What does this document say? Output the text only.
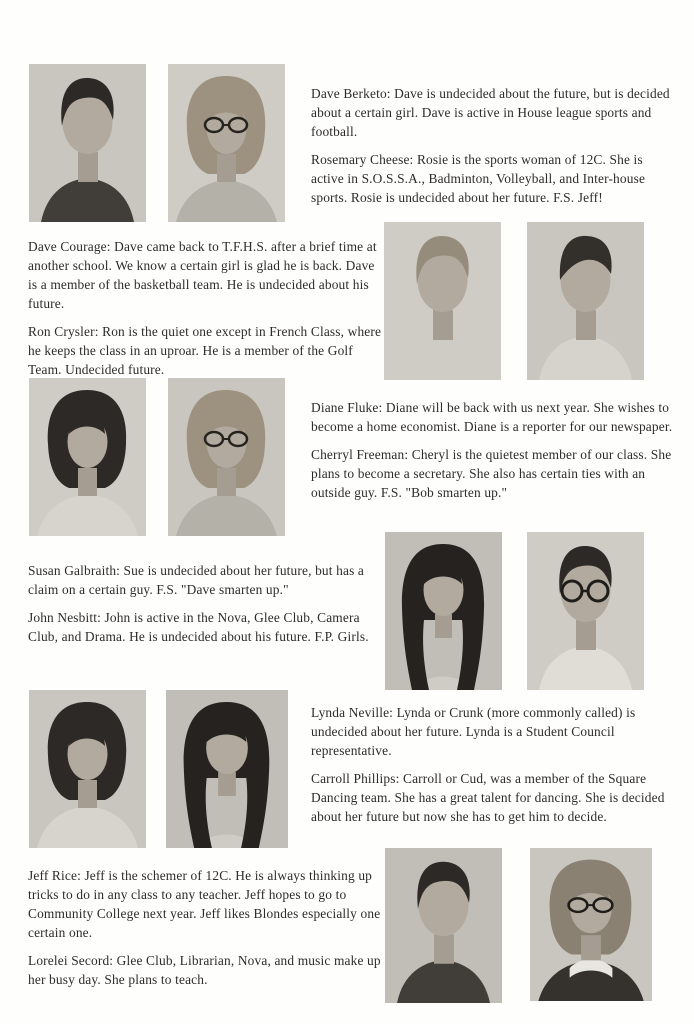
Dave Berketo: Dave is undecided about the future, but is decided about a certain girl. Dave is active in House league sports and football.

Rosemary Cheese: Rosie is the sports woman of 12C. She is active in S.O.S.S.A., Badminton, Volleyball, and Inter-house sports. Rosie is undecided about her future. F.S. Jeff!

Dave Courage: Dave came back to T.F.H.S. after a brief time at another school. We know a certain girl is glad he is back. Dave is a member of the basketball team. He is undecided about his future.

Ron Crysler: Ron is the quiet one except in French Class, where he keeps the class in an uproar. He is a member of the Golf Team. Undecided future.

Diane Fluke: Diane will be back with us next year. She wishes to become a home economist. Diane is a reporter for our newspaper.

Cherryl Freeman: Cheryl is the quietest member of our class. She plans to become a secretary. She also has certain ties with an outside guy. F.S. "Bob smarten up."

Susan Galbraith: Sue is undecided about her future, but has a claim on a certain guy. F.S. "Dave smarten up."

John Nesbitt: John is active in the Nova, Glee Club, Camera Club, and Drama. He is undecided about his future. F.P. Girls.

Lynda Neville: Lynda or Crunk (more commonly called) is undecided about her future. Lynda is a Student Council representative.

Carroll Phillips: Carroll or Cud, was a member of the Square Dancing team. She has a great talent for dancing. She is decided about her future but now she has to get him to decide.

Jeff Rice: Jeff is the schemer of 12C. He is always thinking up tricks to do in any class to any teacher. Jeff hopes to go to Community College next year. Jeff likes Blondes especially one certain one.

Lorelei Secord: Glee Club, Librarian, Nova, and music make up her busy day. She plans to teach.
